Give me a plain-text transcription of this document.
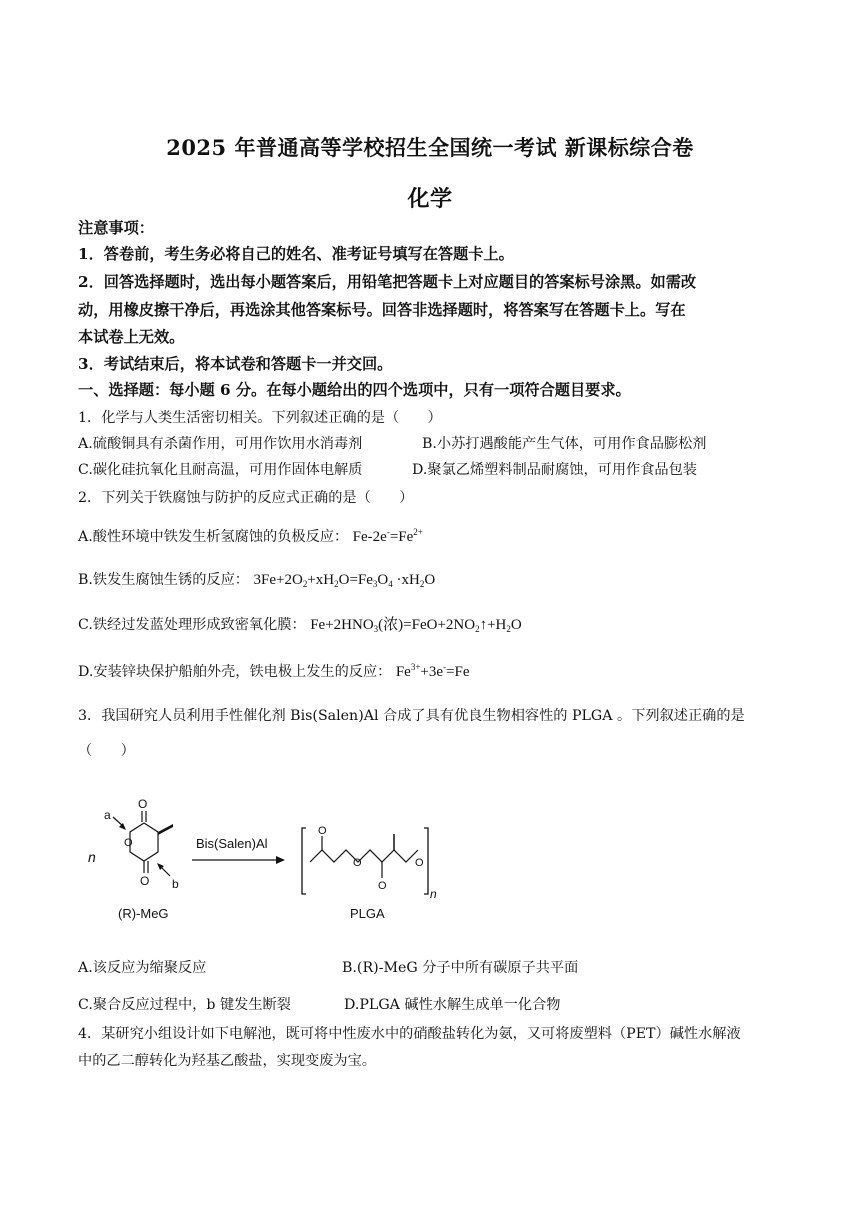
2025 年普通高等学校招生全国统一考试 新课标综合卷
化学
注意事项：
1．答卷前，考生务必将自己的姓名、准考证号填写在答题卡上。
2．回答选择题时，选出每小题答案后，用铅笔把答题卡上对应题目的答案标号涂黑。如需改
动，用橡皮擦干净后，再选涂其他答案标号。回答非选择题时，将答案写在答题卡上。写在
本试卷上无效。
3．考试结束后，将本试卷和答题卡一并交回。
一、选择题：每小题 6 分。在每小题给出的四个选项中，只有一项符合题目要求。
1．化学与人类生活密切相关。下列叙述正确的是（　　）
A.硫酸铜具有杀菌作用，可用作饮用水消毒剂	B.小苏打遇酸能产生气体，可用作食品膨松剂
C.碳化硅抗氧化且耐高温，可用作固体电解质	D.聚氯乙烯塑料制品耐腐蚀，可用作食品包装
2．下列关于铁腐蚀与防护的反应式正确的是（　　）
A.酸性环境中铁发生析氢腐蚀的负极反应： $Fe-2e^-=Fe^{2+}$
B.铁发生腐蚀生锈的反应： $3Fe+2O_2+xH_2O=Fe_3O_4 \cdot xH_2O$
C.铁经过发蓝处理形成致密氧化膜： $Fe+2HNO_3$(浓)$=FeO+2NO_2↑+H_2O$
D.安装锌块保护船舶外壳，铁电极上发生的反应： $Fe^{3+}+3e^-=Fe$
3．我国研究人员利用手性催化剂 Bis(Salen)Al 合成了具有优良生物相容性的 PLGA 。下列叙述正确的是
（　　）
n
a
O
O
O b
(R)-MeG
Bis(Salen)Al
O
O
O
O
n
PLGA
A.该反应为缩聚反应	B.(R)-MeG 分子中所有碳原子共平面
C.聚合反应过程中，b 键发生断裂	D.PLGA 碱性水解生成单一化合物
4．某研究小组设计如下电解池，既可将中性废水中的硝酸盐转化为氨，又可将废塑料（PET）碱性水解液
中的乙二醇转化为羟基乙酸盐，实现变废为宝。
